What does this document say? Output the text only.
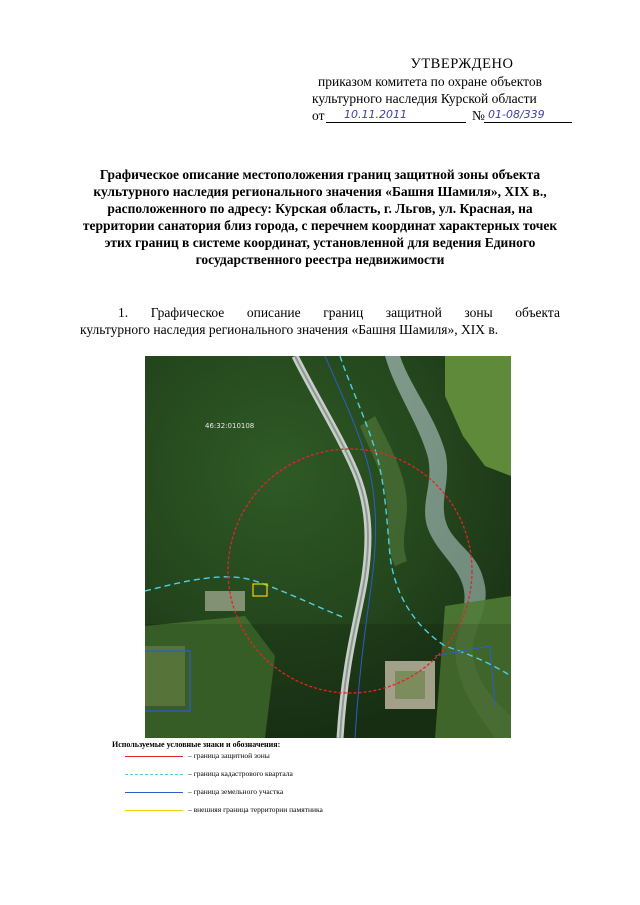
УТВЕРЖДЕНО
приказом комитета по охране объектов
культурного наследия Курской области
от 10.11.2011	№ 01-08/339
Графическое описание местоположения границ защитной зоны объекта культурного наследия регионального значения «Башня Шамиля», XIX в., расположенного по адресу: Курская область, г. Льгов, ул. Красная, на территории санатория близ города, с перечнем координат характерных точек этих границ в системе координат, установленной для ведения Единого государственного реестра недвижимости
1. Графическое описание границ защитной зоны объекта
культурного наследия регионального значения «Башня Шамиля», XIX в.
46:32:010108
Используемые условные знаки и обозначения:
– граница защитной зоны
– граница кадастрового квартала
– граница земельного участка
– внешняя граница территории памятника
